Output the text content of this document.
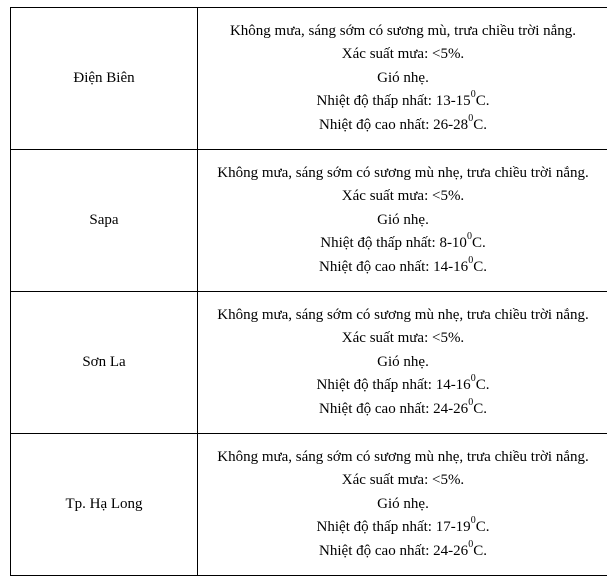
Điện Biên	Không mưa, sáng sớm có sương mù, trưa chiều trời nắng.
Xác suất mưa: <5%.
Gió nhẹ.
Nhiệt độ thấp nhất: $13-15^0C$.
Nhiệt độ cao nhất: $26-28^0C$.

Sapa	Không mưa, sáng sớm có sương mù nhẹ, trưa chiều trời nắng.
Xác suất mưa: <5%.
Gió nhẹ.
Nhiệt độ thấp nhất: $8-10^0C$.
Nhiệt độ cao nhất: $14-16^0C$.

Sơn La	Không mưa, sáng sớm có sương mù nhẹ, trưa chiều trời nắng.
Xác suất mưa: <5%.
Gió nhẹ.
Nhiệt độ thấp nhất: $14-16^0C$.
Nhiệt độ cao nhất: $24-26^0C$.

Tp. Hạ Long	Không mưa, sáng sớm có sương mù nhẹ, trưa chiều trời nắng.
Xác suất mưa: <5%.
Gió nhẹ.
Nhiệt độ thấp nhất: $17-19^0C$.
Nhiệt độ cao nhất: $24-26^0C$.
